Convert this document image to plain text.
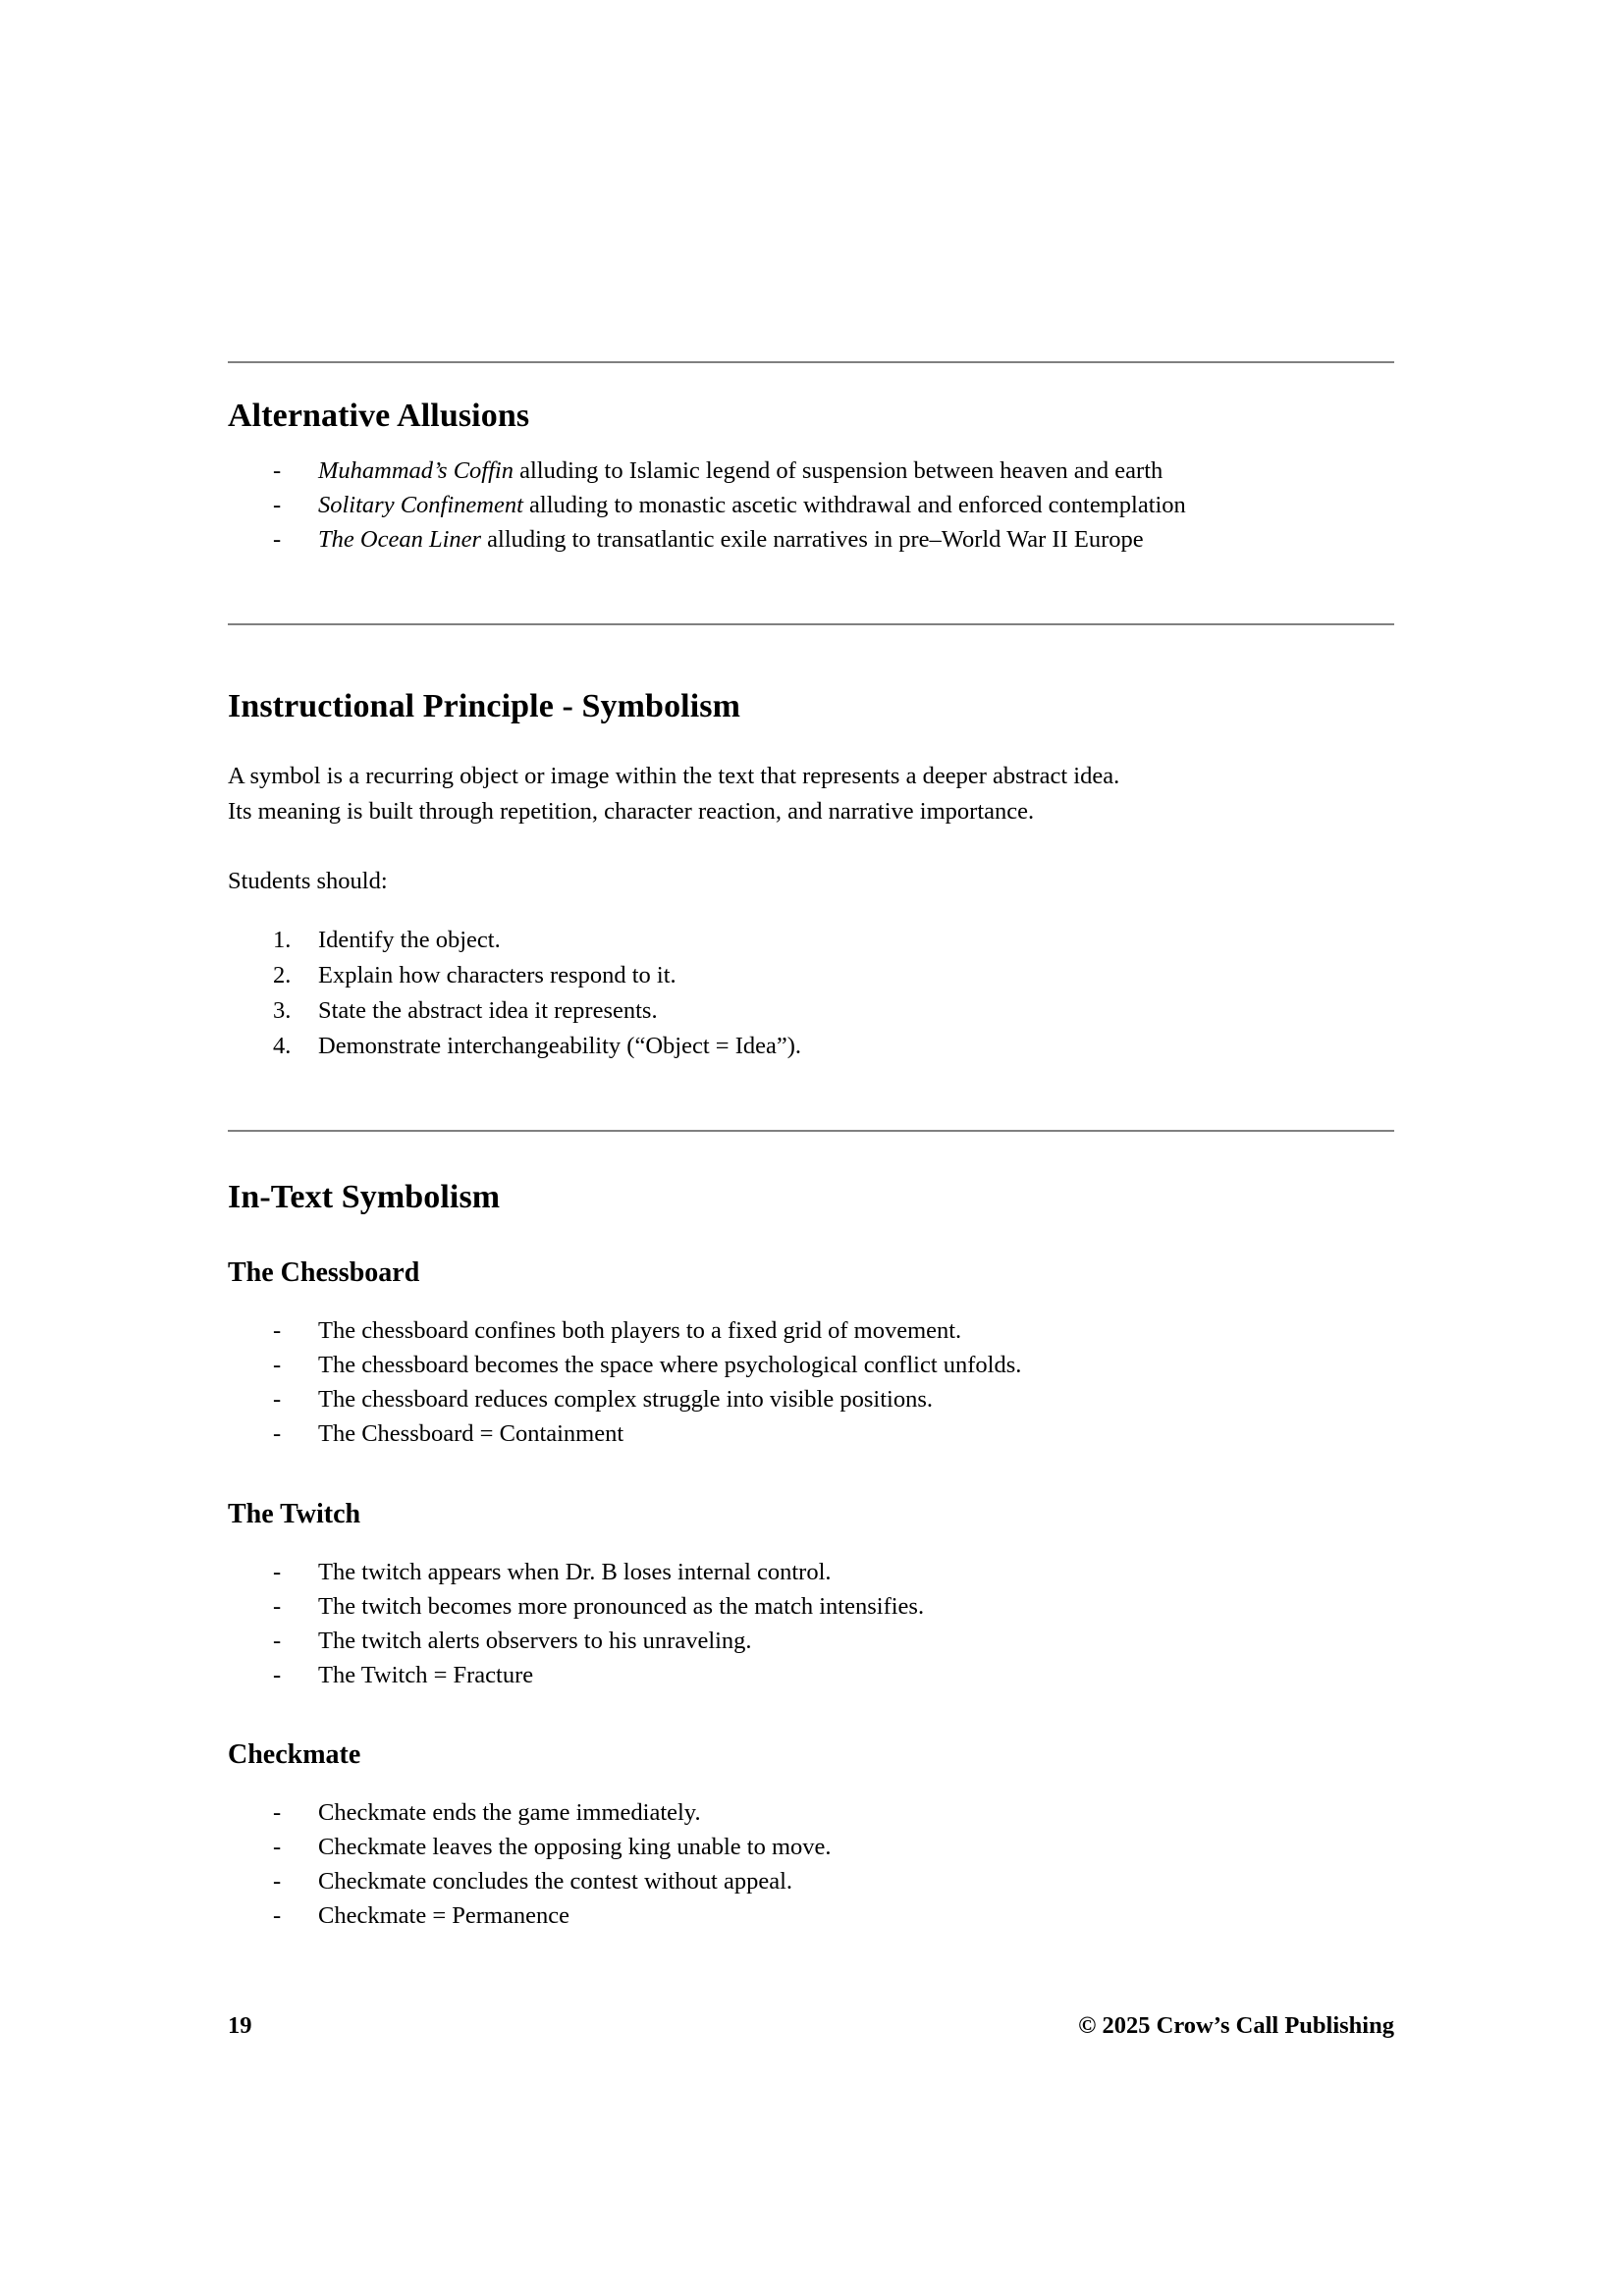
Alternative Allusions
-	Muhammad’s Coffin alluding to Islamic legend of suspension between heaven and earth
-	Solitary Confinement alluding to monastic ascetic withdrawal and enforced contemplation
-	The Ocean Liner alluding to transatlantic exile narratives in pre–World War II Europe
Instructional Principle - Symbolism

A symbol is a recurring object or image within the text that represents a deeper abstract idea.

Its meaning is built through repetition, character reaction, and narrative importance.

Students should:

1.	Identify the object.
2.	Explain how characters respond to it.
3.	State the abstract idea it represents.
4.	Demonstrate interchangeability (“Object = Idea”).
In-Text Symbolism
The Chessboard
-	The chessboard confines both players to a fixed grid of movement.
-	The chessboard becomes the space where psychological conflict unfolds.
-	The chessboard reduces complex struggle into visible positions.
-	The Chessboard = Containment
The Twitch
-	The twitch appears when Dr. B loses internal control.
-	The twitch becomes more pronounced as the match intensifies.
-	The twitch alerts observers to his unraveling.
-	The Twitch = Fracture
Checkmate
-	Checkmate ends the game immediately.
-	Checkmate leaves the opposing king unable to move.
-	Checkmate concludes the contest without appeal.
-	Checkmate = Permanence
19	© 2025 Crow’s Call Publishing
